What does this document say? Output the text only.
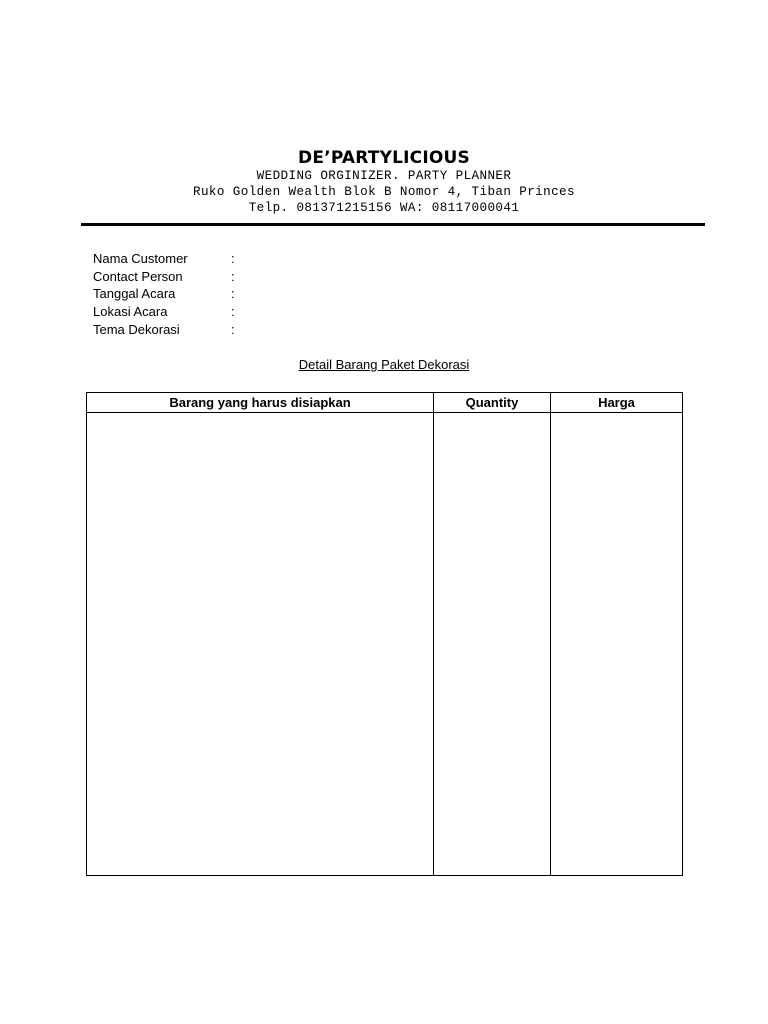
DE’PARTYLICIOUS

WEDDING ORGINIZER. PARTY PLANNER

Ruko Golden Wealth Blok B Nomor 4, Tiban Princes

Telp. 081371215156 WA: 08117000041

Nama Customer	:
Contact Person	:
Tanggal Acara	:
Lokasi Acara	:
Tema Dekorasi	:
Detail Barang Paket Dekorasi
Barang yang harus disiapkan	Quantity	Harga
